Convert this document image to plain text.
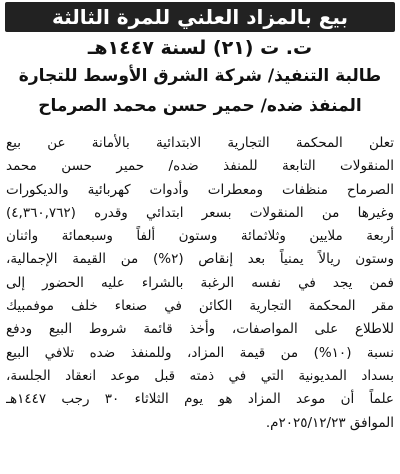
بيع بالمزاد العلني للمرة الثالثة
ت. ت (٢١) لسنة ١٤٤٧هـ
طالبة التنفيذ/ شركة الشرق الأوسط للتجارة
المنفذ ضده/ حمير حسن محمد الصرماح
تعلن المحكمة التجارية الابتدائية بالأمانة عن بيع
المنقولات التابعة للمنفذ ضده/ حمير حسن محمد
الصرماح منظفات ومعطرات وأدوات كهربائية والديكورات
وغيرها من المنقولات بسعر ابتدائي وقدره (٤,٣٦٠,٧٦٢)
أربعة ملايين وثلاثمائة وستون ألفاً وسبعمائة واثنان
وستون ريالاً يمنياً بعد إنقاص (٢%) من القيمة الإجمالية،
فمن يجد في نفسه الرغبة بالشراء عليه الحضور إلى
مقر المحكمة التجارية الكائن في صنعاء خلف موفمبيك
للاطلاع على المواصفات، وأخذ قائمة شروط البيع ودفع
نسبة (١٠%) من قيمة المزاد، وللمنفذ ضده تلافي البيع
بسداد المديونية التي في ذمته قبل موعد انعقاد الجلسة،
علماً أن موعد المزاد هو يوم الثلاثاء ٣٠ رجب ١٤٤٧هـ
الموافق ٢٠٢٥/١٢/٢٣م.
